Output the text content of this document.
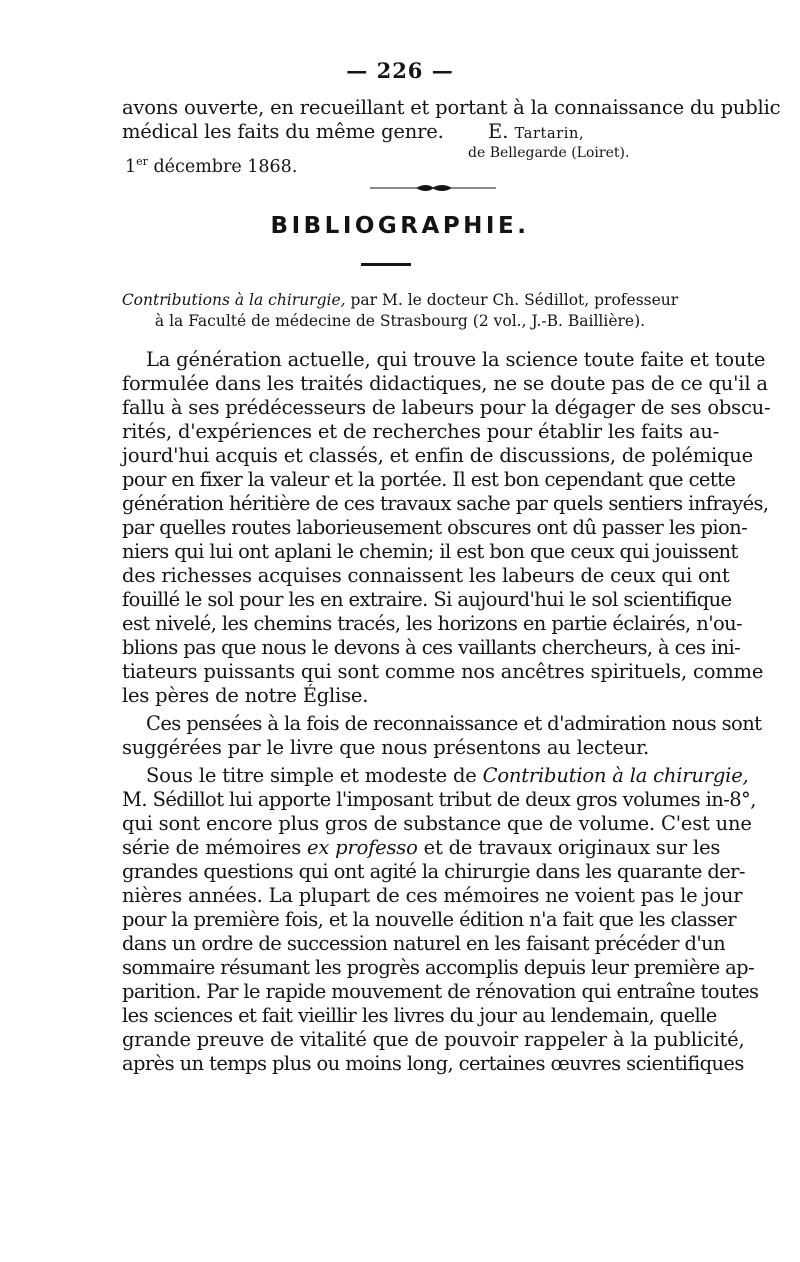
— 226 —
avons ouverte, en recueillant et portant à la connaissance du public
médical les faits du même genre.	E. Tartarin,
de Bellegarde (Loiret).
1er décembre 1868.
BIBLIOGRAPHIE.
Contributions à la chirurgie, par M. le docteur Ch. Sédillot, professeur
à la Faculté de médecine de Strasbourg (2 vol., J.-B. Baillière).
La génération actuelle, qui trouve la science toute faite et toute
formulée dans les traités didactiques, ne se doute pas de ce qu'il a
fallu à ses prédécesseurs de labeurs pour la dégager de ses obscu-
rités, d'expériences et de recherches pour établir les faits au-
jourd'hui acquis et classés, et enfin de discussions, de polémique
pour en fixer la valeur et la portée. Il est bon cependant que cette
génération héritière de ces travaux sache par quels sentiers infrayés,
par quelles routes laborieusement obscures ont dû passer les pion-
niers qui lui ont aplani le chemin; il est bon que ceux qui jouissent
des richesses acquises connaissent les labeurs de ceux qui ont
fouillé le sol pour les en extraire. Si aujourd'hui le sol scientifique
est nivelé, les chemins tracés, les horizons en partie éclairés, n'ou-
blions pas que nous le devons à ces vaillants chercheurs, à ces ini-
tiateurs puissants qui sont comme nos ancêtres spirituels, comme
les pères de notre Église.
Ces pensées à la fois de reconnaissance et d'admiration nous sont
suggérées par le livre que nous présentons au lecteur.
Sous le titre simple et modeste de Contribution à la chirurgie,
M. Sédillot lui apporte l'imposant tribut de deux gros volumes in-8°,
qui sont encore plus gros de substance que de volume. C'est une
série de mémoires ex professo et de travaux originaux sur les
grandes questions qui ont agité la chirurgie dans les quarante der-
nières années. La plupart de ces mémoires ne voient pas le jour
pour la première fois, et la nouvelle édition n'a fait que les classer
dans un ordre de succession naturel en les faisant précéder d'un
sommaire résumant les progrès accomplis depuis leur première ap-
parition. Par le rapide mouvement de rénovation qui entraîne toutes
les sciences et fait vieillir les livres du jour au lendemain, quelle
grande preuve de vitalité que de pouvoir rappeler à la publicité,
après un temps plus ou moins long, certaines œuvres scientifiques
